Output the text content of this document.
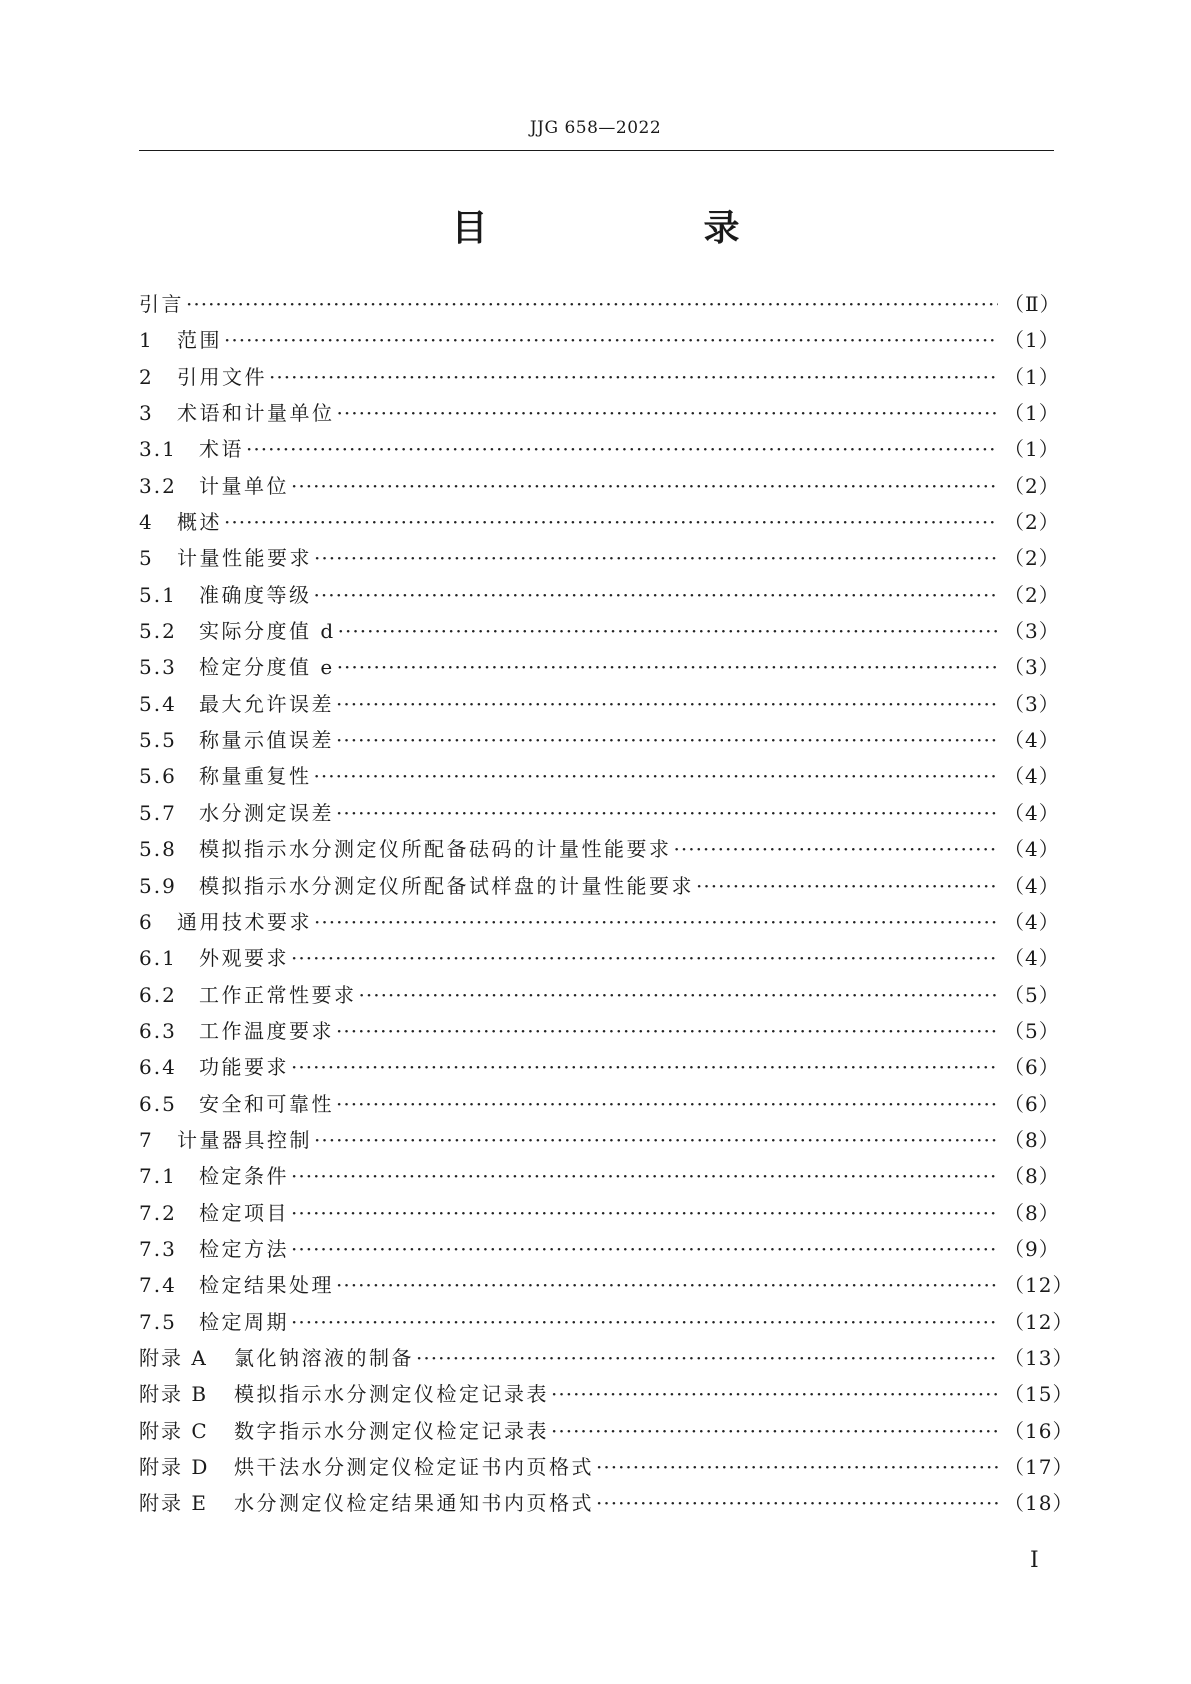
JJG 658—2022
目　录
引言 ·····	（Ⅱ）
1	范围 ·····	（1）
2	引用文件 ·····	（1）
3	术语和计量单位 ·····	（1）
3.1	术语 ·····	（1）
3.2	计量单位 ·····	（2）
4	概述 ·····	（2）
5	计量性能要求 ·····	（2）
5.1	准确度等级 ·····	（2）
5.2	实际分度值 d ·····	（3）
5.3	检定分度值 e ·····	（3）
5.4	最大允许误差 ·····	（3）
5.5	称量示值误差 ·····	（4）
5.6	称量重复性 ·····	（4）
5.7	水分测定误差 ·····	（4）
5.8	模拟指示水分测定仪所配备砝码的计量性能要求 ·····	（4）
5.9	模拟指示水分测定仪所配备试样盘的计量性能要求 ·····	（4）
6	通用技术要求 ·····	（4）
6.1	外观要求 ·····	（4）
6.2	工作正常性要求 ·····	（5）
6.3	工作温度要求 ·····	（5）
6.4	功能要求 ·····	（6）
6.5	安全和可靠性 ·····	（6）
7	计量器具控制 ·····	（8）
7.1	检定条件 ·····	（8）
7.2	检定项目 ·····	（8）
7.3	检定方法 ·····	（9）
7.4	检定结果处理 ·····	（12）
7.5	检定周期 ·····	（12）
附录 A	氯化钠溶液的制备 ·····	（13）
附录 B	模拟指示水分测定仪检定记录表 ·····	（15）
附录 C	数字指示水分测定仪检定记录表 ·····	（16）
附录 D	烘干法水分测定仪检定证书内页格式 ·····	（17）
附录 E	水分测定仪检定结果通知书内页格式 ·····	（18）
Ⅰ
